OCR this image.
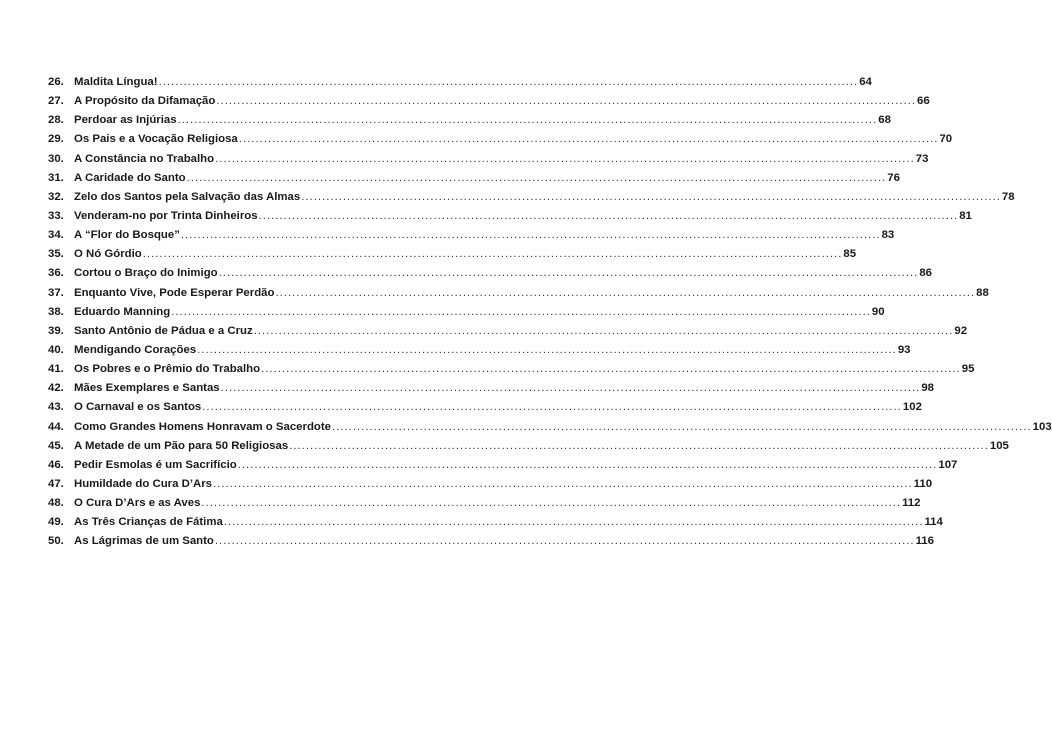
26. Maldita Língua! .....	64
27. A Propósito da Difamação .....	66
28. Perdoar as Injúrias .....	68
29. Os Pais e a Vocação Religiosa .....	70
30. A Constância no Trabalho .....	73
31. A Caridade do Santo .....	76
32. Zelo dos Santos pela Salvação das Almas .....	78
33. Venderam-no por Trinta Dinheiros .....	81
34. A “Flor do Bosque” .....	83
35. O Nó Górdio .....	85
36. Cortou o Braço do Inimigo .....	86
37. Enquanto Vive, Pode Esperar Perdão .....	88
38. Eduardo Manning .....	90
39. Santo Antônio de Pádua e a Cruz .....	92
40. Mendigando Corações .....	93
41. Os Pobres e o Prêmio do Trabalho .....	95
42. Mães Exemplares e Santas .....	98
43. O Carnaval e os Santos .....	102
44. Como Grandes Homens Honravam o Sacerdote .....	103
45. A Metade de um Pão para 50 Religiosas .....	105
46. Pedir Esmolas é um Sacrifício .....	107
47. Humildade do Cura D’Ars .....	110
48. O Cura D’Ars e as Aves .....	112
49. As Três Crianças de Fátima .....	114
50. As Lágrimas de um Santo .....	116
